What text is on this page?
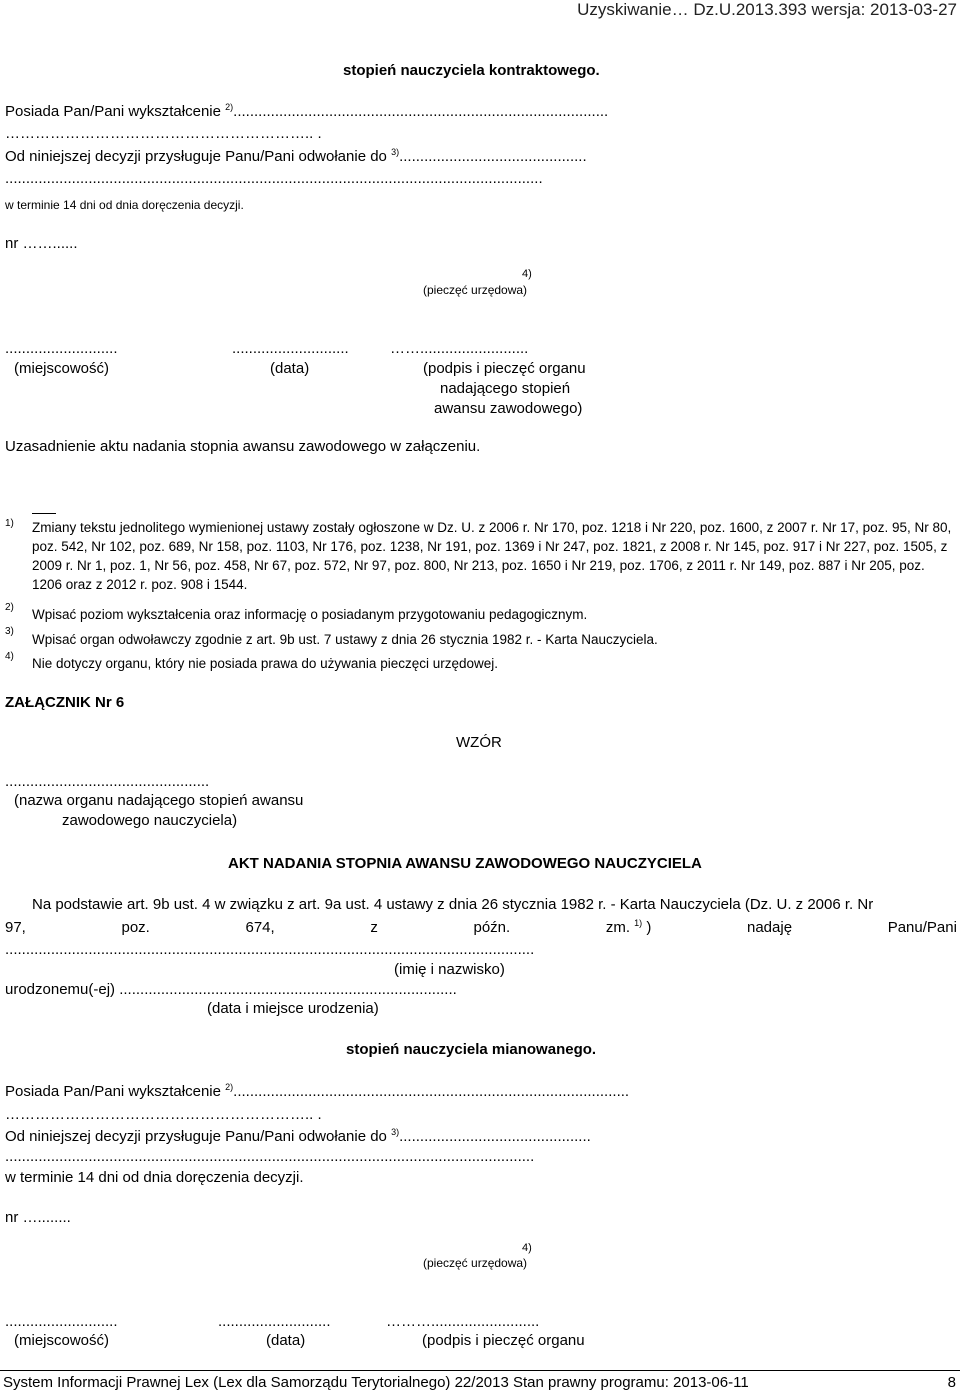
Uzyskiwanie… Dz.U.2013.393 wersja: 2013-03-27
stopień nauczyciela kontraktowego.
Posiada Pan/Pani wykształcenie $^{2)}$..........................................................................................
…………………………………………………….. .
Od niniejszej decyzji przysługuje Panu/Pani odwołanie do $^{3)}$.............................................
.................................................................................................................................
w terminie 14 dni od dnia doręczenia decyzji.
nr ……......
4)
(pieczęć urzędowa)
...........................	............................	……..........................
(miejscowość)	(data)	(podpis i pieczęć organu
nadającego stopień
awansu zawodowego)
Uzasadnienie aktu nadania stopnia awansu zawodowego w załączeniu.
1) Zmiany tekstu jednolitego wymienionej ustawy zostały ogłoszone w Dz. U. z 2006 r. Nr 170, poz. 1218 i Nr 220, poz. 1600, z 2007 r. Nr 17, poz. 95, Nr 80, poz. 542, Nr 102, poz. 689, Nr 158, poz. 1103, Nr 176, poz. 1238, Nr 191, poz. 1369 i Nr 247, poz. 1821, z 2008 r. Nr 145, poz. 917 i Nr 227, poz. 1505, z 2009 r. Nr 1, poz. 1, Nr 56, poz. 458, Nr 67, poz. 572, Nr 97, poz. 800, Nr 213, poz. 1650 i Nr 219, poz. 1706, z 2011 r. Nr 149, poz. 887 i Nr 205, poz. 1206 oraz z 2012 r. poz. 908 i 1544.
2) Wpisać poziom wykształcenia oraz informację o posiadanym przygotowaniu pedagogicznym.
3)
Wpisać organ odwoławczy zgodnie z art. 9b ust. 7 ustawy z dnia 26 stycznia 1982 r. - Karta Nauczyciela.
4) Nie dotyczy organu, który nie posiada prawa do używania pieczęci urzędowej.
ZAŁĄCZNIK Nr 6
WZÓR
.................................................
(nazwa organu nadającego stopień awansu
zawodowego nauczyciela)
AKT NADANIA STOPNIA AWANSU ZAWODOWEGO NAUCZYCIELA
Na podstawie art. 9b ust. 4 w związku z art. 9a ust. 4 ustawy z dnia 26 stycznia 1982 r. - Karta Nauczyciela (Dz. U. z 2006 r. Nr
97,	poz.	674,	z	późn.	zm. $^{1)}$ )	nadaję	Panu/Pani
...............................................................................................................................
(imię i nazwisko)
urodzonemu(-ej) .................................................................................
(data i miejsce urodzenia)
stopień nauczyciela mianowanego.
Posiada Pan/Pani wykształcenie $^{2)}$...............................................................................................
…………………………………………………….. .
Od niniejszej decyzji przysługuje Panu/Pani odwołanie do $^{3)}$..............................................
...............................................................................................................................
w terminie 14 dni od dnia doręczenia decyzji.
nr …........
4)
(pieczęć urzędowa)
...........................	...........................	………..........................
(miejscowość)	(data)	(podpis i pieczęć organu
System Informacji Prawnej Lex (Lex dla Samorządu Terytorialnego) 22/2013 Stan prawny programu: 2013-06-11	8
